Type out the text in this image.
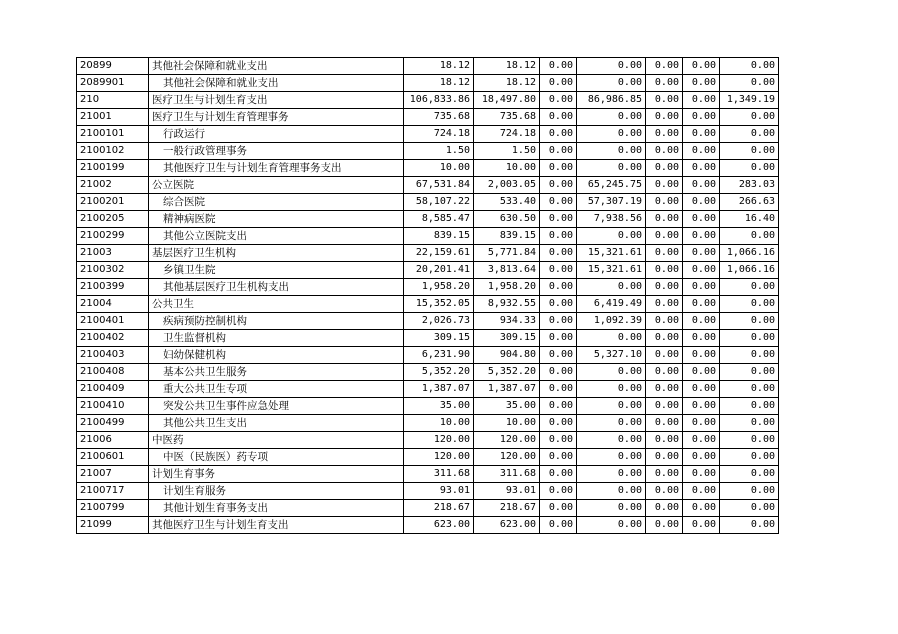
20899	其他社会保障和就业支出	18.12	18.12	0.00	0.00	0.00	0.00	0.00
2089901	其他社会保障和就业支出	18.12	18.12	0.00	0.00	0.00	0.00	0.00
210	医疗卫生与计划生育支出	106,833.86	18,497.80	0.00	86,986.85	0.00	0.00	1,349.19
21001	医疗卫生与计划生育管理事务	735.68	735.68	0.00	0.00	0.00	0.00	0.00
2100101	行政运行	724.18	724.18	0.00	0.00	0.00	0.00	0.00
2100102	一般行政管理事务	1.50	1.50	0.00	0.00	0.00	0.00	0.00
2100199	其他医疗卫生与计划生育管理事务支出	10.00	10.00	0.00	0.00	0.00	0.00	0.00
21002	公立医院	67,531.84	2,003.05	0.00	65,245.75	0.00	0.00	283.03
2100201	综合医院	58,107.22	533.40	0.00	57,307.19	0.00	0.00	266.63
2100205	精神病医院	8,585.47	630.50	0.00	7,938.56	0.00	0.00	16.40
2100299	其他公立医院支出	839.15	839.15	0.00	0.00	0.00	0.00	0.00
21003	基层医疗卫生机构	22,159.61	5,771.84	0.00	15,321.61	0.00	0.00	1,066.16
2100302	乡镇卫生院	20,201.41	3,813.64	0.00	15,321.61	0.00	0.00	1,066.16
2100399	其他基层医疗卫生机构支出	1,958.20	1,958.20	0.00	0.00	0.00	0.00	0.00
21004	公共卫生	15,352.05	8,932.55	0.00	6,419.49	0.00	0.00	0.00
2100401	疾病预防控制机构	2,026.73	934.33	0.00	1,092.39	0.00	0.00	0.00
2100402	卫生监督机构	309.15	309.15	0.00	0.00	0.00	0.00	0.00
2100403	妇幼保健机构	6,231.90	904.80	0.00	5,327.10	0.00	0.00	0.00
2100408	基本公共卫生服务	5,352.20	5,352.20	0.00	0.00	0.00	0.00	0.00
2100409	重大公共卫生专项	1,387.07	1,387.07	0.00	0.00	0.00	0.00	0.00
2100410	突发公共卫生事件应急处理	35.00	35.00	0.00	0.00	0.00	0.00	0.00
2100499	其他公共卫生支出	10.00	10.00	0.00	0.00	0.00	0.00	0.00
21006	中医药	120.00	120.00	0.00	0.00	0.00	0.00	0.00
2100601	中医（民族医）药专项	120.00	120.00	0.00	0.00	0.00	0.00	0.00
21007	计划生育事务	311.68	311.68	0.00	0.00	0.00	0.00	0.00
2100717	计划生育服务	93.01	93.01	0.00	0.00	0.00	0.00	0.00
2100799	其他计划生育事务支出	218.67	218.67	0.00	0.00	0.00	0.00	0.00
21099	其他医疗卫生与计划生育支出	623.00	623.00	0.00	0.00	0.00	0.00	0.00
